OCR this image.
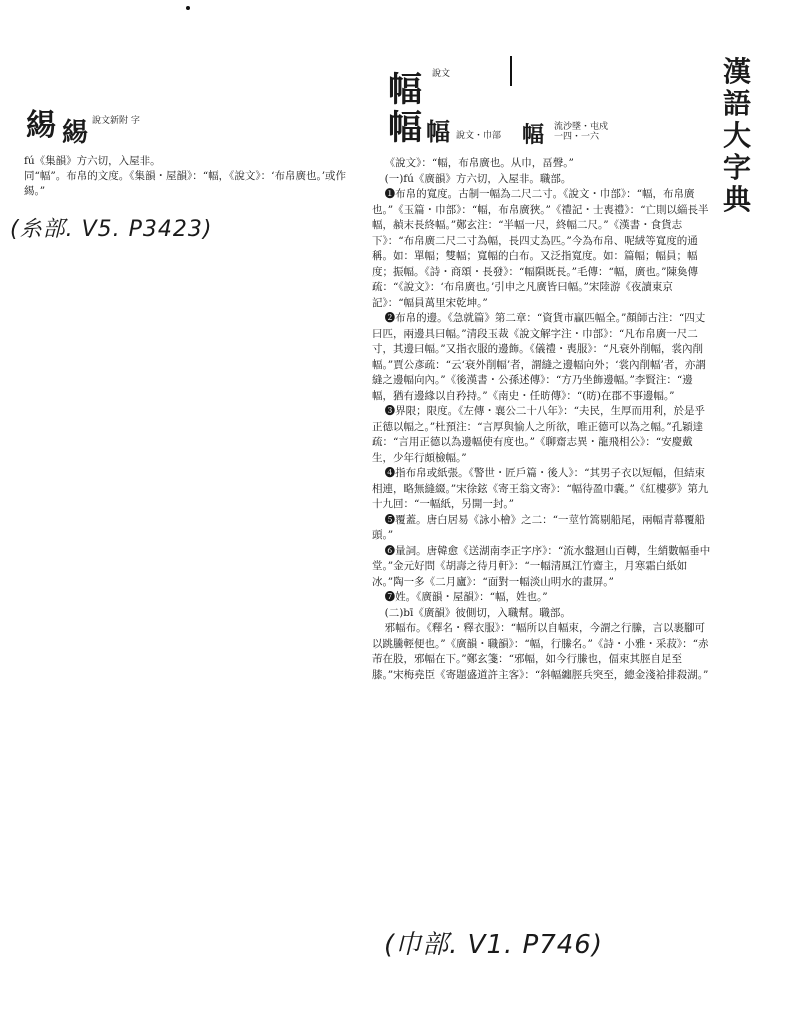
緆 緆 說文新附 字
fú《集韻》方六切，入屋非。
同“幅”。布帛的文度。《集韻・屋韻》：“幅，《說文》：‘布帛廣也。’或作緆。”
(糸部. V5. P3423)
幅 說文
幅 幅 說文・巾部 幅 流沙墜・屯戍 一四・一六
漢
語
大
字
典

《說文》：“幅，布帛廣也。从巾，畐聲。”

(一)fú《廣韻》方六切，入屋非。職部。

❶布帛的寬度。古制一幅為二尺二寸。《說文・巾部》：“幅，布帛廣也。”《玉篇・巾部》：“幅，布帛廣狹。”《禮記・士喪禮》：“亡則以緇長半幅，赬末長終幅。”鄭玄注：“半幅一尺，終幅二尺。”《漢書・食貨志下》：“布帛廣二尺二寸為幅，長四丈為匹。”今為布帛、呢絨等寬度的通稱。如：單幅；雙幅；寬幅的白布。又泛指寬度。如：篇幅；幅員；幅度；振幅。《詩・商頌・長發》：“幅隕既長。”毛傳：“幅，廣也。”陳奐傳疏：“《說文》：‘布帛廣也。’引申之凡廣皆曰幅。”宋陸游《夜讀東京記》：“幅員萬里宋乾坤。”

❷布帛的邊。《急就篇》第二章：“資貨市贏匹幅全。”顏師古注：“四丈曰匹，兩邊具曰幅。”清段玉裁《說文解字注・巾部》：“凡布帛廣一尺二寸，其邊曰幅。”又指衣服的邊飾。《儀禮・喪服》：“凡衰外削幅，裳內削幅。”賈公彥疏：“云‘衰外削幅’者，謂縫之邊幅向外；‘裳內削幅’者，亦謂縫之邊幅向內。”《後漢書・公孫述傳》：“方乃坐飾邊幅。”李賢注：“邊幅，猶有邊緣以自矜持。”《南史・任昉傳》：“(昉)在郡不事邊幅。”

❸界限；限度。《左傳・襄公二十八年》：“夫民，生厚而用利，於是乎正德以幅之。”杜預注：“言厚與愉人之所欲，唯正德可以為之幅。”孔穎達疏：“言用正德以為邊幅使有度也。”《聊齋志異・龍飛相公》：“安慶戴生，少年行頗檢幅。”

❹指布帛或紙張。《警世・匠戶篇・後人》：“其男子衣以短幅，但結束相連，略無縫綴。”宋徐鉉《寄王翁文寄》：“幅待盈巾囊。”《紅樓夢》第九十九回：“一幅紙，另開一封。”

❺覆蓋。唐白居易《詠小檜》之二：“一莖竹篙剔船尾，兩幅青幕覆船頭。”

❻量詞。唐韓愈《送湖南李正字序》：“流水盤迴山百轉，生綃數幅垂中堂。”金元好問《胡壽之待月軒》：“一幅清風江竹齋主，月寒霜白紙如冰。”陶一多《二月廬》：“面對一幅淡山明水的畫屏。”

❼姓。《廣韻・屋韻》：“幅，姓也。”

(二)bī《廣韻》彼側切，入職幫。職部。

邪幅布。《釋名・釋衣服》：“幅所以自幅束，今謂之行縢，言以裹腳可以跳騰輕便也。”《廣韻・職韻》：“幅，行縢名。”《詩・小雅・采菽》：“赤芾在股，邪幅在下。”鄭玄箋：“邪幅，如今行縢也，偪束其脛自足至膝。”宋梅堯臣《寄題盛道許主客》：“斜幅纏脛兵突至，總金淺袷排殺湖。”

(巾部. V1. P746)
